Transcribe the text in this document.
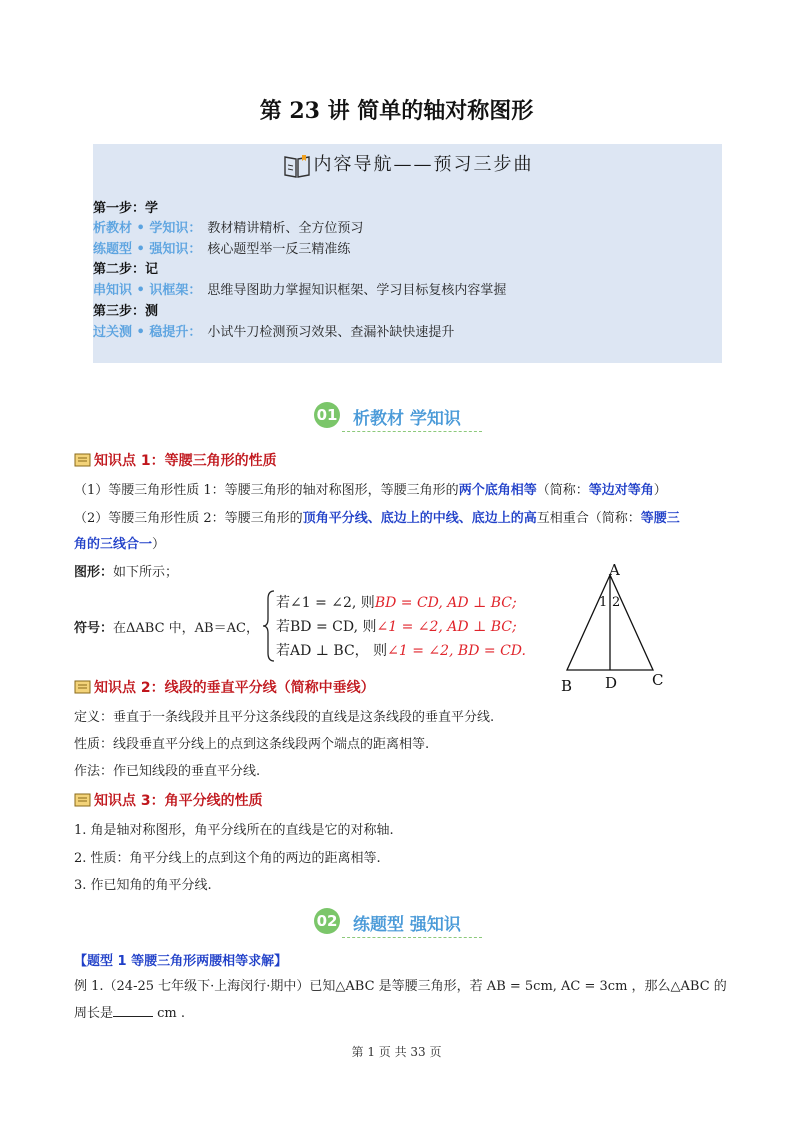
第 23 讲 简单的轴对称图形
内容导航——预习三步曲
第一步：学
析教材 • 学知识： 教材精讲精析、全方位预习
练题型 • 强知识： 核心题型举一反三精准练
第二步：记
串知识 • 识框架： 思维导图助力掌握知识框架、学习目标复核内容掌握
第三步：测
过关测 • 稳提升： 小试牛刀检测预习效果、查漏补缺快速提升
01 析教材 学知识
知识点 1：等腰三角形的性质
（1）等腰三角形性质 1：等腰三角形的轴对称图形，等腰三角形的两个底角相等（简称：等边对等角）
（2）等腰三角形性质 2：等腰三角形的顶角平分线、底边上的中线、底边上的高互相重合（简称：等腰三
角的三线合一）
图形：如下所示；
符号：在ΔABC 中，AB＝AC，
若∠1 = ∠2, 则BD = CD, AD ⊥ BC;
若BD = CD, 则∠1 = ∠2, AD ⊥ BC;
若AD ⊥ BC， 则∠1 = ∠2, BD = CD.
A
1 2
B D C
知识点 2：线段的垂直平分线（简称中垂线）
定义：垂直于一条线段并且平分这条线段的直线是这条线段的垂直平分线.
性质：线段垂直平分线上的点到这条线段两个端点的距离相等.
作法：作已知线段的垂直平分线.
知识点 3：角平分线的性质
1. 角是轴对称图形，角平分线所在的直线是它的对称轴.
2. 性质：角平分线上的点到这个角的两边的距离相等.
3. 作已知角的角平分线.
02 练题型 强知识
【题型 1 等腰三角形两腰相等求解】
例 1.（24-25 七年级下·上海闵行·期中）已知△ABC 是等腰三角形，若 AB = 5cm, AC = 3cm ，那么△ABC 的
周长是	cm .
第 1 页 共 33 页
